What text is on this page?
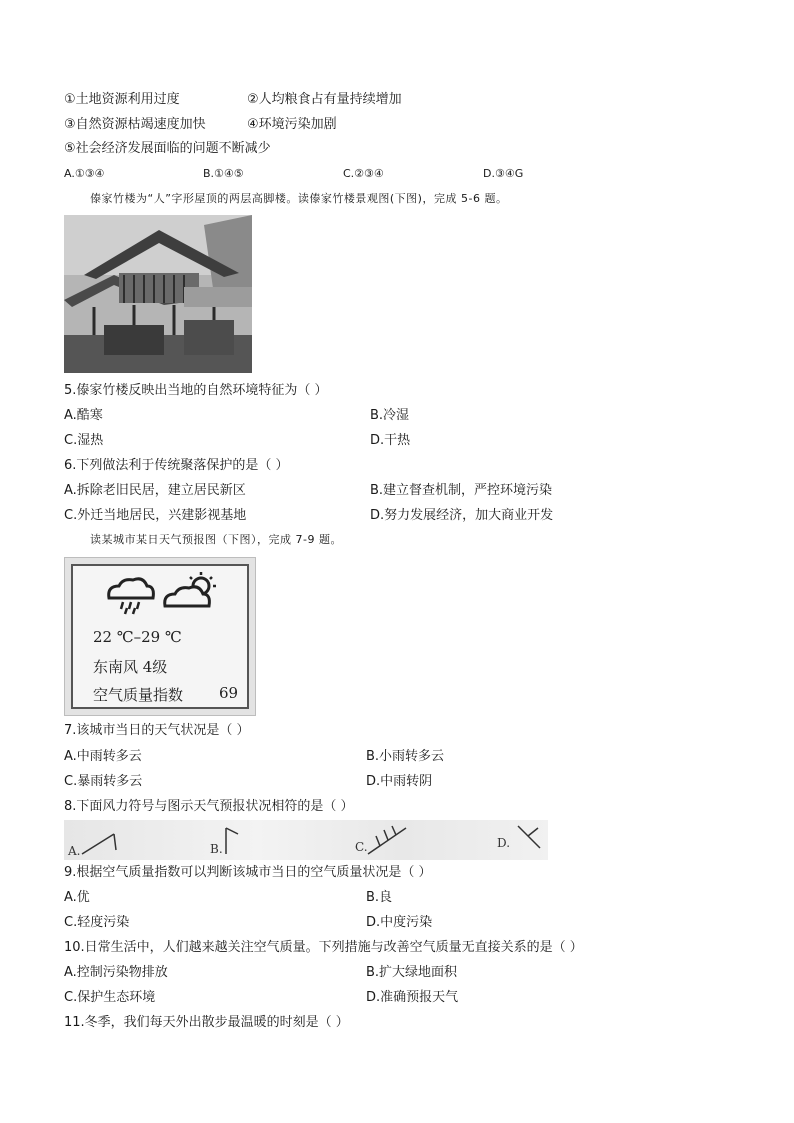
①土地资源利用过度	②人均粮食占有量持续增加
③自然资源枯竭速度加快	④环境污染加剧
⑤社会经济发展面临的问题不断减少
A.①③④	B.①④⑤	C.②③④	D.③④G
傣家竹楼为“人”字形屋顶的两层高脚楼。读傣家竹楼景观图(下图)，完成 5-6 题。
5.傣家竹楼反映出当地的自然环境特征为（ ）
A.酷寒	B.冷湿
C.湿热	D.干热
6.下列做法利于传统聚落保护的是（ ）
A.拆除老旧民居，建立居民新区	B.建立督查机制，严控环境污染
C.外迁当地居民，兴建影视基地	D.努力发展经济，加大商业开发
读某城市某日天气预报图（下图），完成 7-9 题。
22 ℃–29 ℃
东南风 4级
空气质量指数 69
7.该城市当日的天气状况是（ ）
A.中雨转多云	B.小雨转多云
C.暴雨转多云	D.中雨转阴
8.下面风力符号与图示天气预报状况相符的是（ ）
A.	B.	C.	D.
9.根据空气质量指数可以判断该城市当日的空气质量状况是（ ）
A.优	B.良
C.轻度污染	D.中度污染
10.日常生活中，人们越来越关注空气质量。下列措施与改善空气质量无直接关系的是（ ）
A.控制污染物排放	B.扩大绿地面积
C.保护生态环境	D.准确预报天气
11.冬季，我们每天外出散步最温暖的时刻是（ ）
